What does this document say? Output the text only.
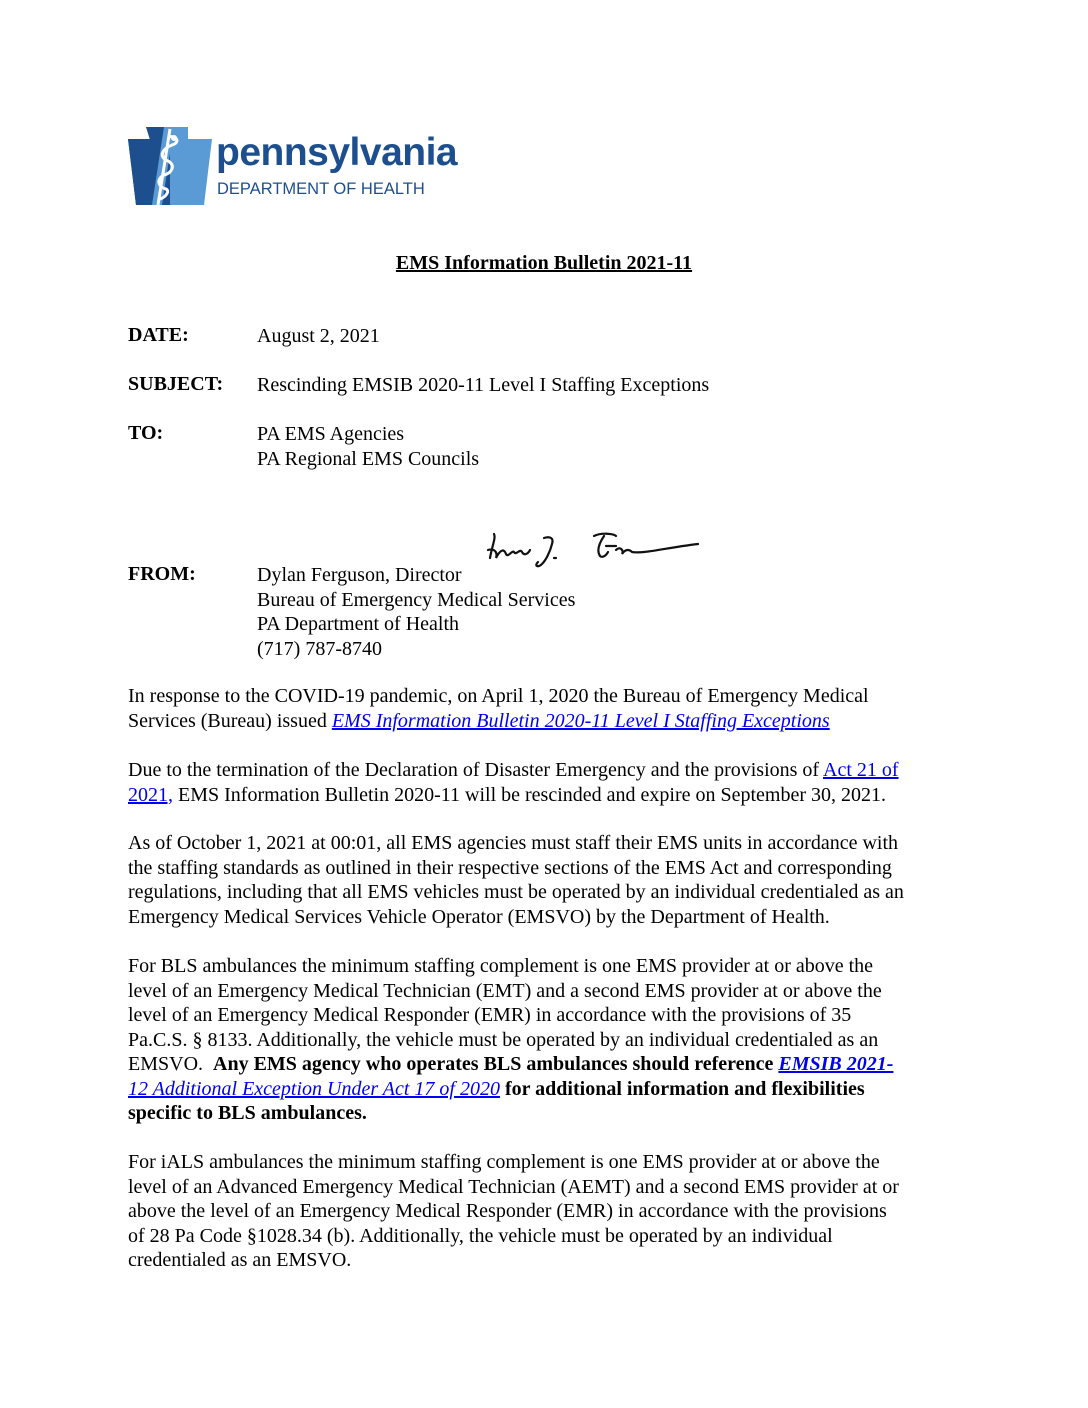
pennsylvania
DEPARTMENT OF HEALTH
EMS Information Bulletin 2021-11
DATE:	August 2, 2021
SUBJECT: Rescinding EMSIB 2020-11 Level I Staffing Exceptions
TO:	PA EMS Agencies
PA Regional EMS Councils
FROM:	Dylan Ferguson, Director
Bureau of Emergency Medical Services
PA Department of Health
(717) 787-8740
In response to the COVID-19 pandemic, on April 1, 2020 the Bureau of Emergency Medical
Services (Bureau) issued EMS Information Bulletin 2020-11 Level I Staffing Exceptions
Due to the termination of the Declaration of Disaster Emergency and the provisions of Act 21 of
2021, EMS Information Bulletin 2020-11 will be rescinded and expire on September 30, 2021.
As of October 1, 2021 at 00:01, all EMS agencies must staff their EMS units in accordance with
the staffing standards as outlined in their respective sections of the EMS Act and corresponding
regulations, including that all EMS vehicles must be operated by an individual credentialed as an
Emergency Medical Services Vehicle Operator (EMSVO) by the Department of Health.
For BLS ambulances the minimum staffing complement is one EMS provider at or above the
level of an Emergency Medical Technician (EMT) and a second EMS provider at or above the
level of an Emergency Medical Responder (EMR) in accordance with the provisions of 35
Pa.C.S. § 8133. Additionally, the vehicle must be operated by an individual credentialed as an
EMSVO.  Any EMS agency who operates BLS ambulances should reference EMSIB 2021-
12 Additional Exception Under Act 17 of 2020 for additional information and flexibilities
specific to BLS ambulances.
For iALS ambulances the minimum staffing complement is one EMS provider at or above the
level of an Advanced Emergency Medical Technician (AEMT) and a second EMS provider at or
above the level of an Emergency Medical Responder (EMR) in accordance with the provisions
of 28 Pa Code §1028.34 (b). Additionally, the vehicle must be operated by an individual
credentialed as an EMSVO.
